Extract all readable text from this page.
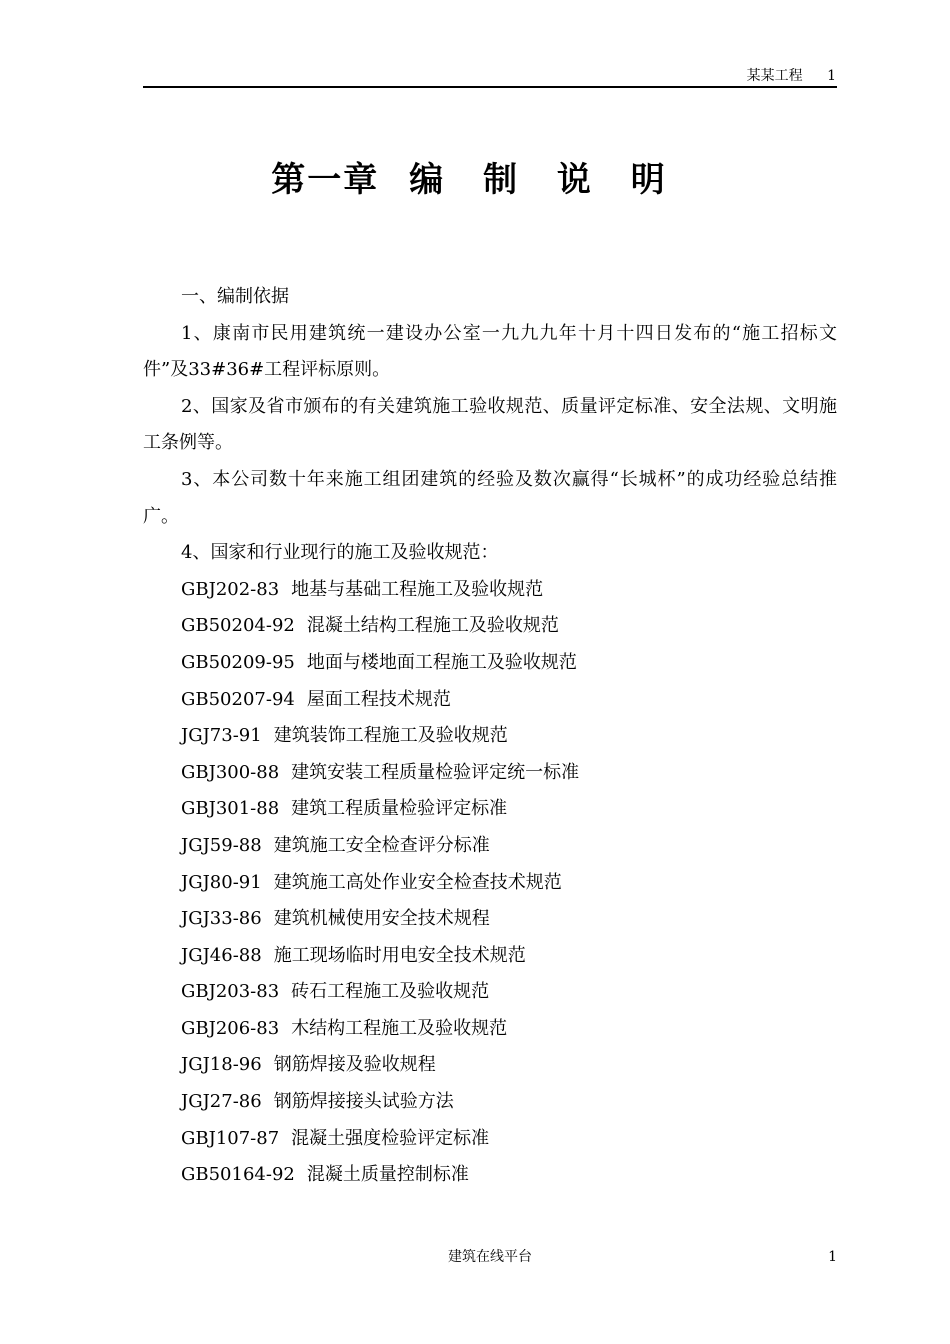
某某工程 1
第一章 编 制 说 明

一、编制依据

1、康南市民用建筑统一建设办公室一九九九年十月十四日发布的“施工招标文件”及33#36#工程评标原则。

2、国家及省市颁布的有关建筑施工验收规范、质量评定标准、安全法规、文明施工条例等。

3、本公司数十年来施工组团建筑的经验及数次赢得“长城杯”的成功经验总结推广。

4、国家和行业现行的施工及验收规范：

GBJ202-83 地基与基础工程施工及验收规范
GB50204-92 混凝土结构工程施工及验收规范
GB50209-95 地面与楼地面工程施工及验收规范
GB50207-94 屋面工程技术规范
JGJ73-91 建筑装饰工程施工及验收规范
GBJ300-88 建筑安装工程质量检验评定统一标准
GBJ301-88 建筑工程质量检验评定标准
JGJ59-88 建筑施工安全检查评分标准
JGJ80-91 建筑施工高处作业安全检查技术规范
JGJ33-86 建筑机械使用安全技术规程
JGJ46-88 施工现场临时用电安全技术规范
GBJ203-83 砖石工程施工及验收规范
GBJ206-83 木结构工程施工及验收规范
JGJ18-96 钢筋焊接及验收规程
JGJ27-86 钢筋焊接接头试验方法
GBJ107-87 混凝土强度检验评定标准
GB50164-92 混凝土质量控制标准
建筑在线平台	1
